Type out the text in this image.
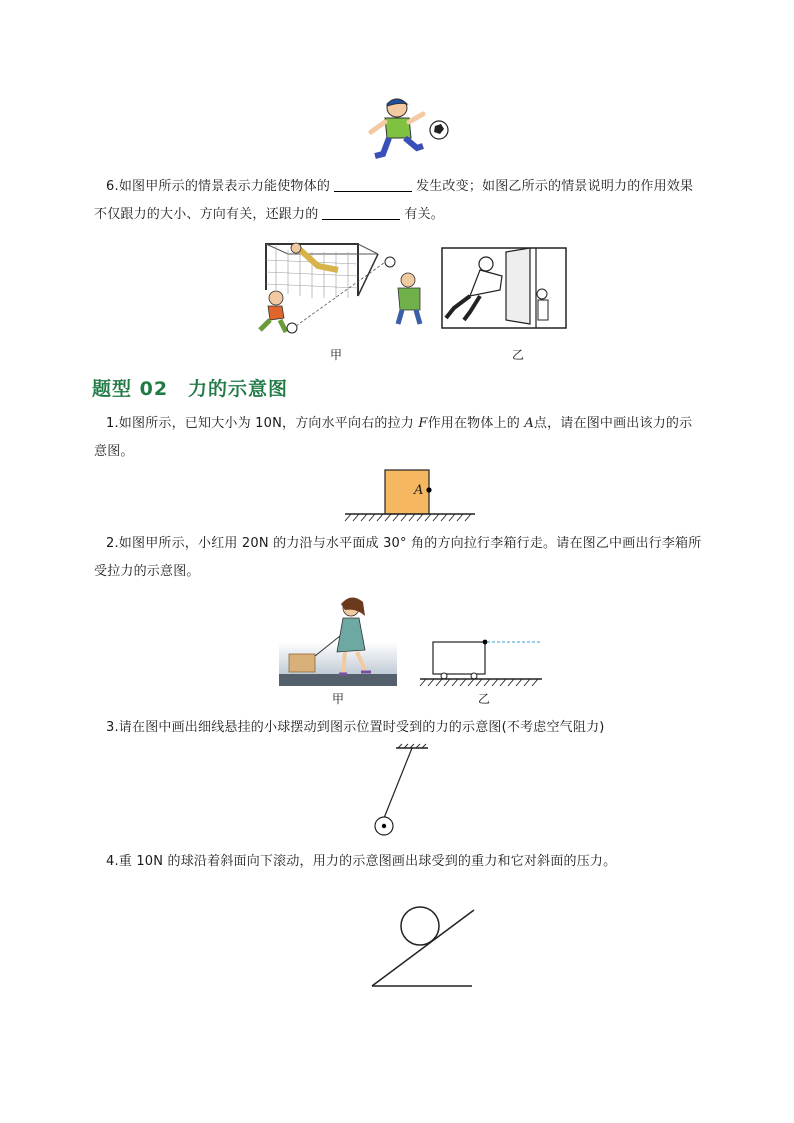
6.如图甲所示的情景表示力能使物体的	发生改变；如图乙所示的情景说明力的作用效果
不仅跟力的大小、方向有关，还跟力的	有关。
甲	乙
题型 02　力的示意图
1.如图所示，已知大小为 10N，方向水平向右的拉力 F作用在物体上的 A点，请在图中画出该力的示
意图。
A
2.如图甲所示，小红用 20N 的力沿与水平面成 30° 角的方向拉行李箱行走。请在图乙中画出行李箱所
受拉力的示意图。
甲	乙
3.请在图中画出细线悬挂的小球摆动到图示位置时受到的力的示意图(不考虑空气阻力)
4.重 10N 的球沿着斜面向下滚动，用力的示意图画出球受到的重力和它对斜面的压力。
